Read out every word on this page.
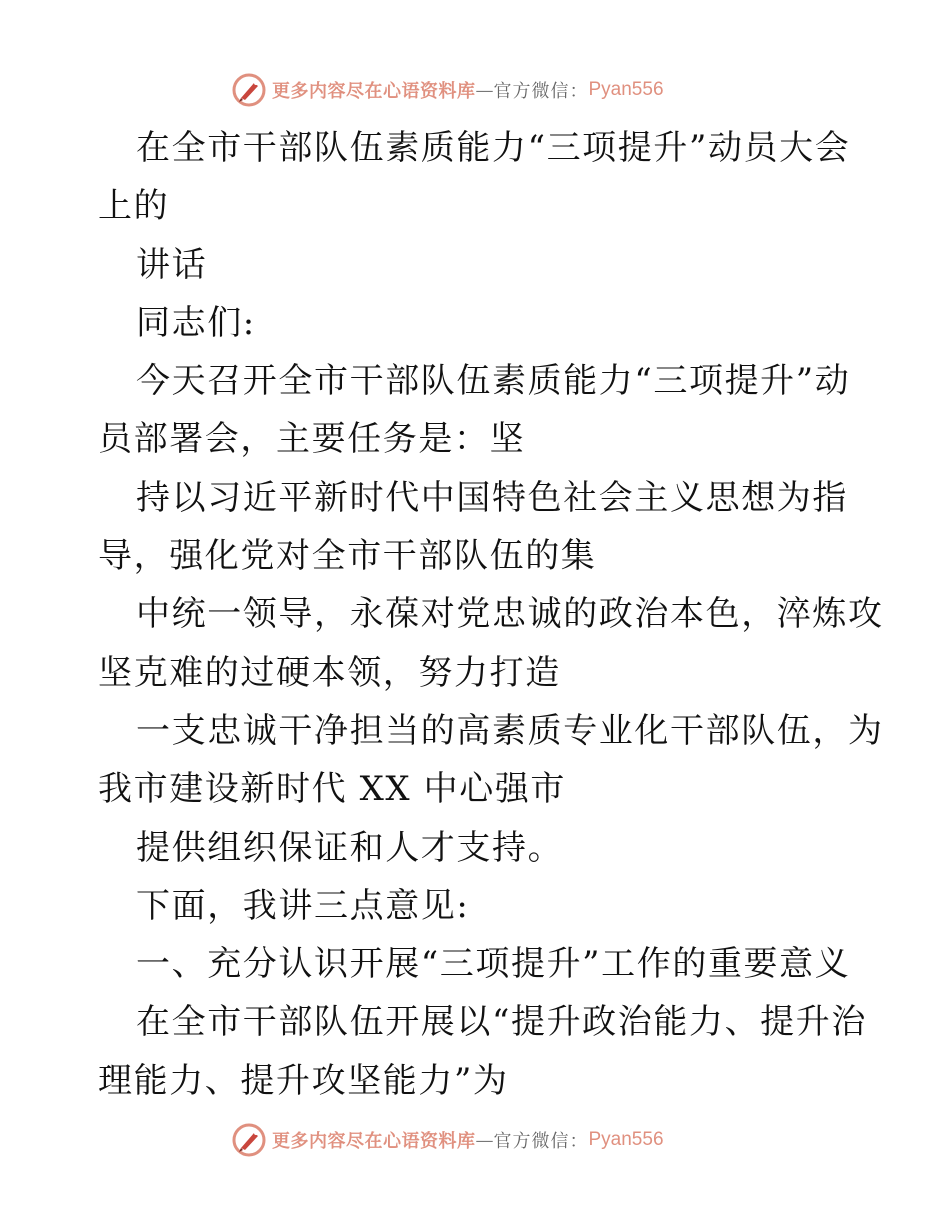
更多内容尽在心语资料库 — 官方微信： Pyan556
在全市干部队伍素质能力“三项提升”动员大会
上的
讲话
同志们:
今天召开全市干部队伍素质能力“三项提升”动
员部署会，主要任务是：坚
持以习近平新时代中国特色社会主义思想为指
导，强化党对全市干部队伍的集
中统一领导，永葆对党忠诚的政治本色，淬炼攻
坚克难的过硬本领，努力打造
一支忠诚干净担当的高素质专业化干部队伍，为
我市建设新时代 XX 中心强市
提供组织保证和人才支持。
下面，我讲三点意见:
一、充分认识开展“三项提升”工作的重要意义
在全市干部队伍开展以“提升政治能力、提升治
理能力、提升攻坚能力”为
更多内容尽在心语资料库 — 官方微信： Pyan556
